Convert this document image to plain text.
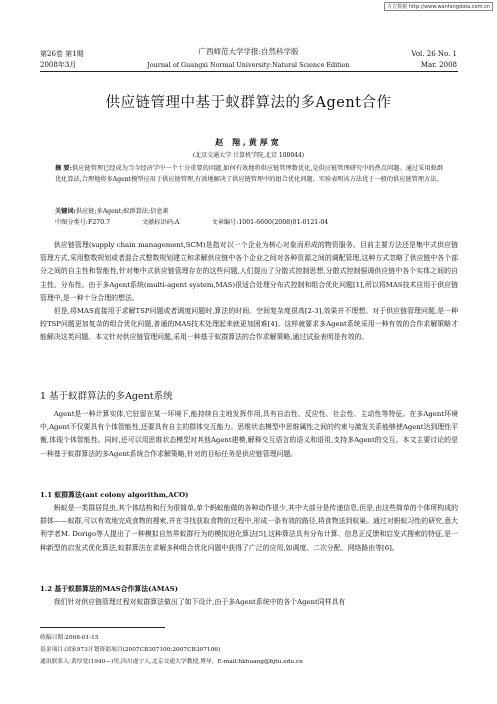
万方数据 http://www.wanfangdata.com.cn
第26卷 第1期
2008年3月
广西师范大学学报:自然科学版
Journal of Guangxi Normal University:Natural Science Edition
Vol. 26 No. 1
Mar. 2008
供应链管理中基于蚁群算法的多Agent合作
赵 翔,黄厚宽
(北京交通大学 计算机学院,北京 100044)
摘 要:供应链管理已经成为当今经济学中一个十分重要的问题,如何有效地将供应链管理数优化,是供应链管理研究中的热点问题。通过采用蚁群优化算法,合理地将多Agent模型应用于供应链管理,有效地解决了供应链管理中的组合优化问题。实验表明该方法优于一般的供应链管理方法。
关键词:供应链;多Agent;蚁群算法;信息素
中图分类号:F270.7	文献标识码:A	文章编号:1001-6600(2008)01-0121-04

供应链管理(supply chain management,SCM)是指对以一个企业为核心对象而形成的物资服务。目前主要方法还是集中式供应链管理方式,采用整数规划或者混合式整数规划建立和求解供应链中各个企业之间对各种资源之间的调配管理,这种方式忽略了供应链中各个部分之间的自主性和智能性,针对集中式供应链管理存在的这些问题,人们提出了分散式控制思想,分散式控制强调供应链中各个实体之间的自主性、分布性。由于多Agent系统(multi-agent system,MAS)很适合处理分布式控制和组合优化问题[1],所以将MAS技术应用于供应链管理中,是一种十分合理的想法。

但是,将MAS直接用于求解TSP问题或者调度问题时,算法的时间、空间复杂度很高[2-3],效果并不理想。对于供应链管理问题,是一种较TSP问题更加复杂的组合优化问题,普通的MAS技术处理起来就更加困难[4]。这样就要求多Agent系统采用一种有效的合作求解策略才能解决这类问题。本文针对供应链管理问题,采用一种基于蚁群算法的合作求解策略,通过试验表明是有效的。

1 基于蚁群算法的多Agent系统

Agent是一种计算实体,它驻留在某一环境下,能持续自主地发挥作用,具有自治性、反应性、社会性、主动性等特征。在多Agent环境中,Agent不仅要具有个体智能性,还要具有自主的群体交互能力。思维状态模型中思维属性之间的约束与激发关系能够使Agent达到理性平衡,体现个体智能性。同时,还可以用思维状态模型对其他Agent建模,解释交互语言的语义和语用,支持多Agent的交互。本文主要讨论的是一种基于蚁群算法的多Agent系统合作求解策略,针对的目标任务是供应链管理问题。

1.1 蚁群算法(ant colony algorithm,ACO)

蚂蚁是一类群居昆虫,其个体结构和行为很简单,单个蚂蚁能做的各种动作很少,其中大部分是传递信息,但是,由这些简单的个体所构成的群体——蚁群,可以有效地完成食物的搜索,并在寻找获取食物的过程中,形成一条有效的路径,将食物送到蚁巢。通过对蚂蚁习性的研究,意大利学者M. Dorigo等人提出了一种模拟自然界蚁群行为的模拟进化算法[5],这种算法具有分布计算、信息正反馈和启发式搜索的特征,是一种新型的启发式优化算法,蚁群算法在求解多种组合优化问题中获得了广泛的应用,如调度、二次分配、网络路由等[6]。

1.2 基于蚁群算法的MAS合作算法(AMAS)

我们针对供应链管理过程对蚁群算法做出了如下设计,由于多Agent系统中的各个Agent同样具有

收稿日期:2008-01-15
基金项目:国家973计划资助项目(2007CB307100;2007CB307106)
通讯联系人:黄厚宽(1940—)男,四川遂宁人,北京交通大学教授,博导。E-mail:hkhuang@bjtu.edu.cn
